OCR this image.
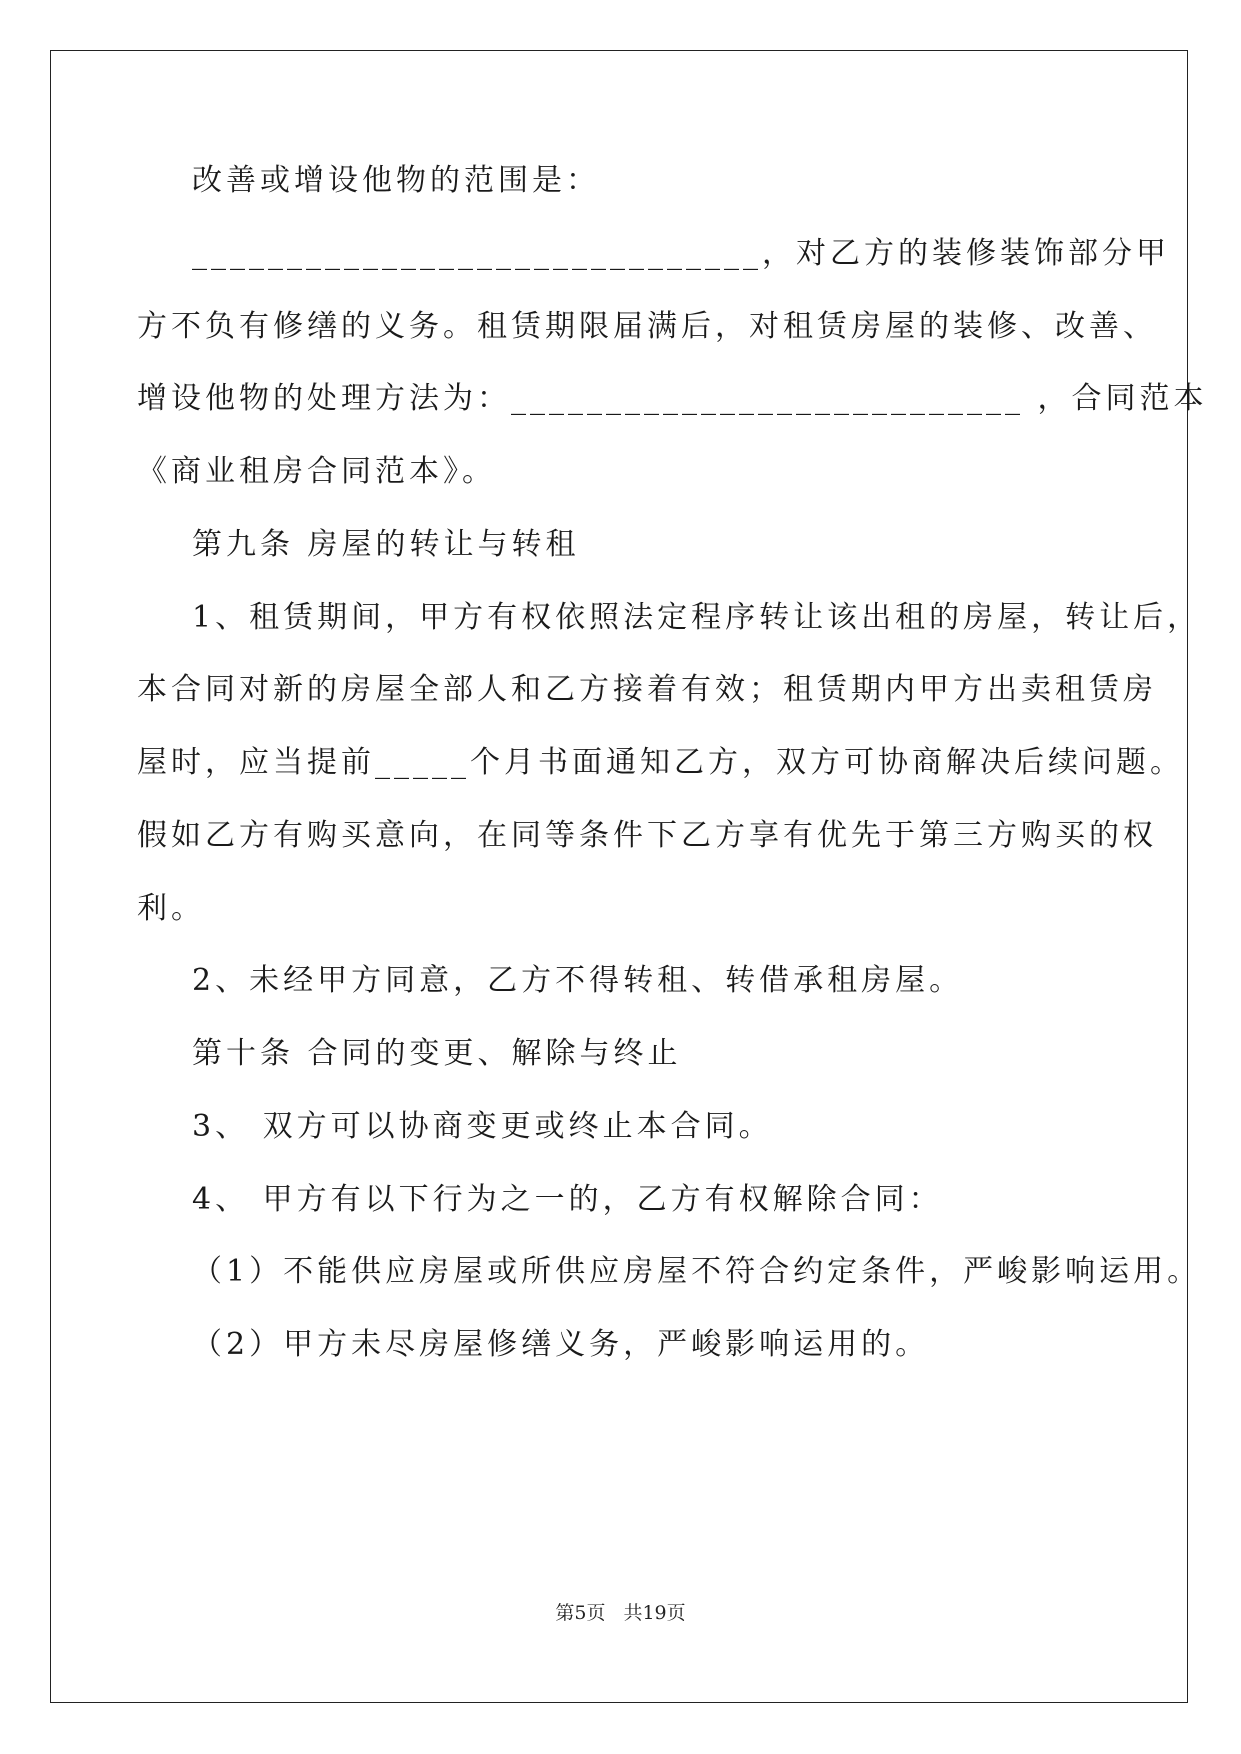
改善或增设他物的范围是：
______________________________，对乙方的装修装饰部分甲
方不负有修缮的义务。租赁期限届满后，对租赁房屋的装修、改善、
增设他物的处理方法为：___________________________ ，合同范本
《商业租房合同范本》。
第九条 房屋的转让与转租
1、租赁期间，甲方有权依照法定程序转让该出租的房屋，转让后，
本合同对新的房屋全部人和乙方接着有效；租赁期内甲方出卖租赁房
屋时，应当提前_____个月书面通知乙方，双方可协商解决后续问题。
假如乙方有购买意向，在同等条件下乙方享有优先于第三方购买的权
利。
2、未经甲方同意，乙方不得转租、转借承租房屋。
第十条 合同的变更、解除与终止
3、 双方可以协商变更或终止本合同。
4、 甲方有以下行为之一的，乙方有权解除合同：
（1）不能供应房屋或所供应房屋不符合约定条件，严峻影响运用。
（2）甲方未尽房屋修缮义务，严峻影响运用的。
第5页 共19页
